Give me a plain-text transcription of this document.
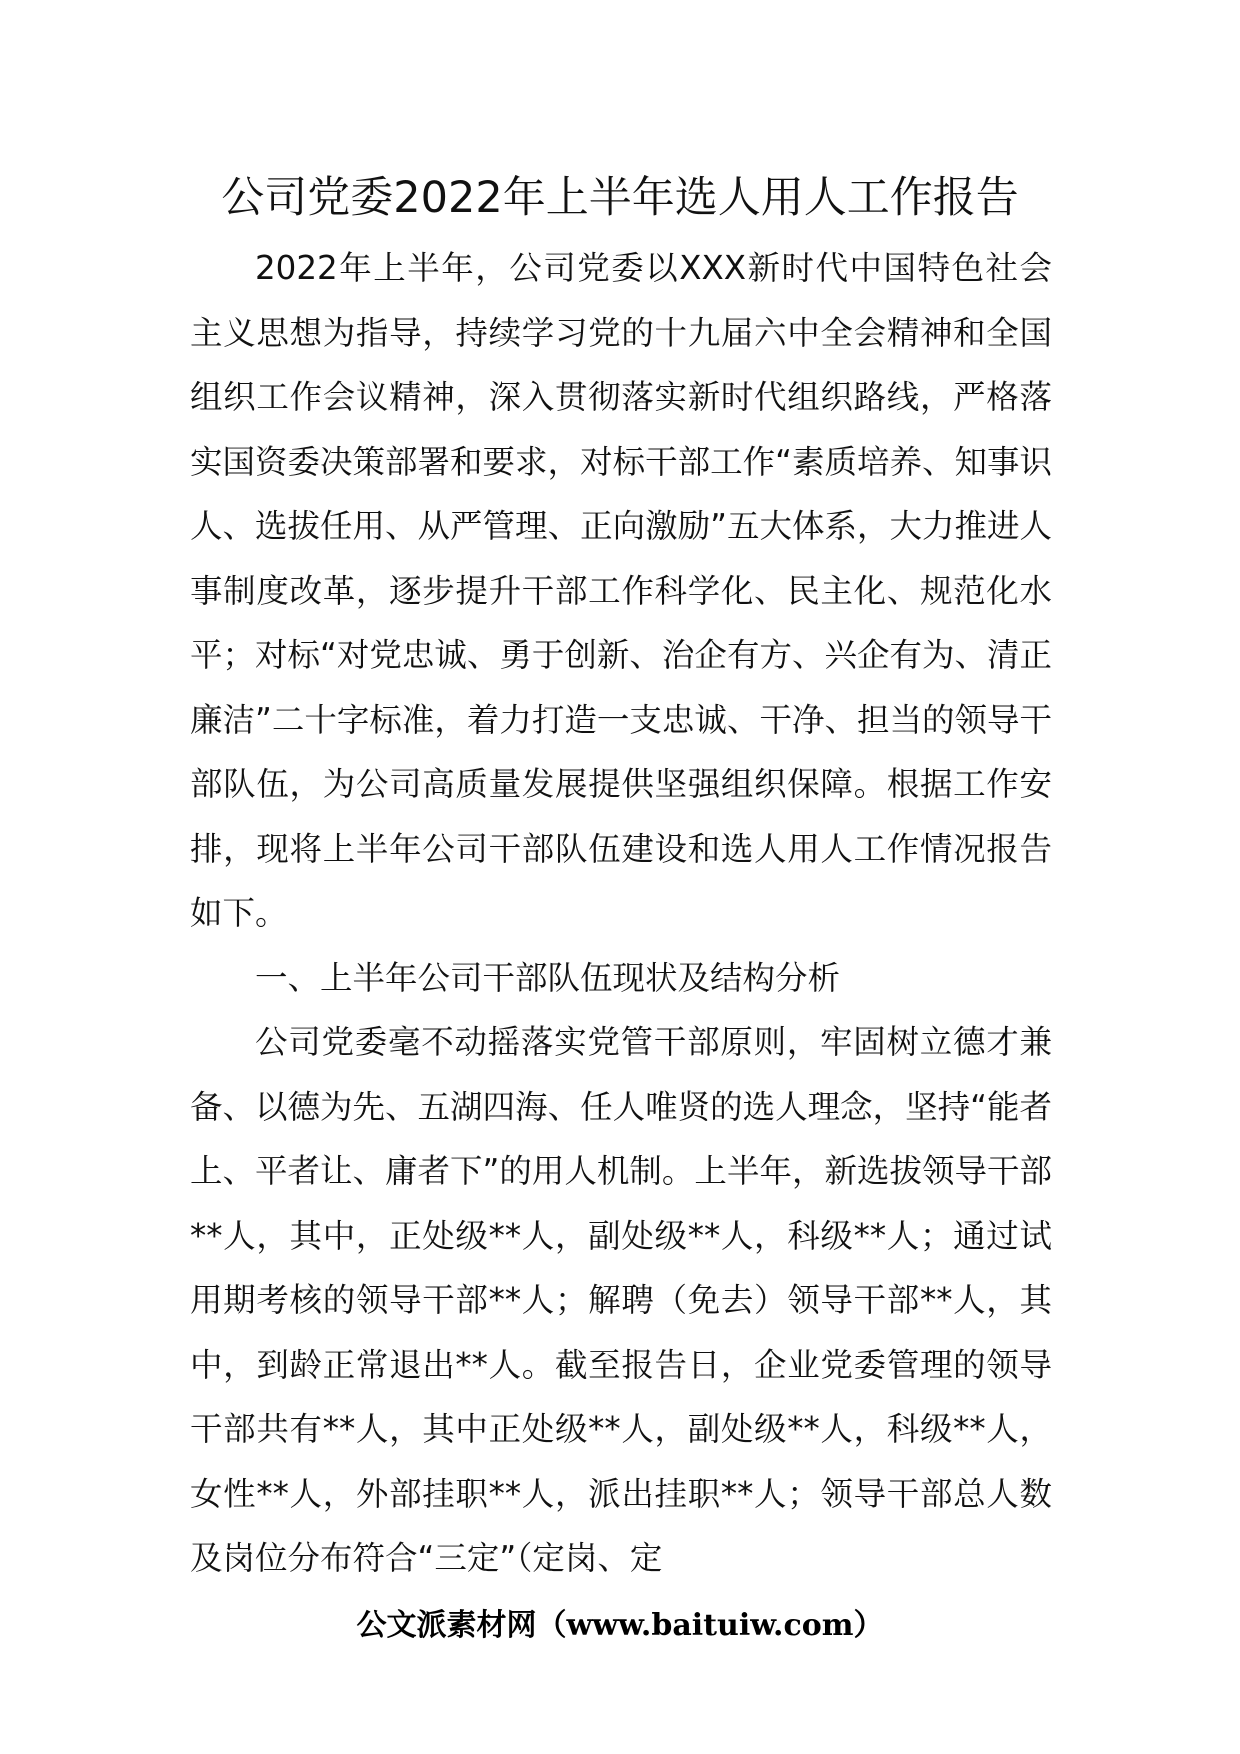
公司党委2022年上半年选人用人工作报告

2022年上半年，公司党委以XXX新时代中国特色社会主义思想为指导，持续学习党的十九届六中全会精神和全国组织工作会议精神，深入贯彻落实新时代组织路线，严格落实国资委决策部署和要求，对标干部工作“素质培养、知事识人、选拔任用、从严管理、正向激励”五大体系，大力推进人事制度改革，逐步提升干部工作科学化、民主化、规范化水平；对标“对党忠诚、勇于创新、治企有方、兴企有为、清正廉洁”二十字标准，着力打造一支忠诚、干净、担当的领导干部队伍，为公司高质量发展提供坚强组织保障。根据工作安排，现将上半年公司干部队伍建设和选人用人工作情况报告如下。

一、上半年公司干部队伍现状及结构分析

公司党委毫不动摇落实党管干部原则，牢固树立德才兼备、以德为先、五湖四海、任人唯贤的选人理念，坚持“能者上、平者让、庸者下”的用人机制。上半年，新选拔领导干部**人，其中，正处级**人，副处级**人，科级**人；通过试用期考核的领导干部**人；解聘（免去）领导干部**人，其中，到龄正常退出**人。截至报告日，企业党委管理的领导干部共有**人，其中正处级**人，副处级**人，科级**人，女性**人，外部挂职**人，派出挂职**人；领导干部总人数及岗位分布符合“三定”（定岗、定

公文派素材网（www.baituiw.com）
